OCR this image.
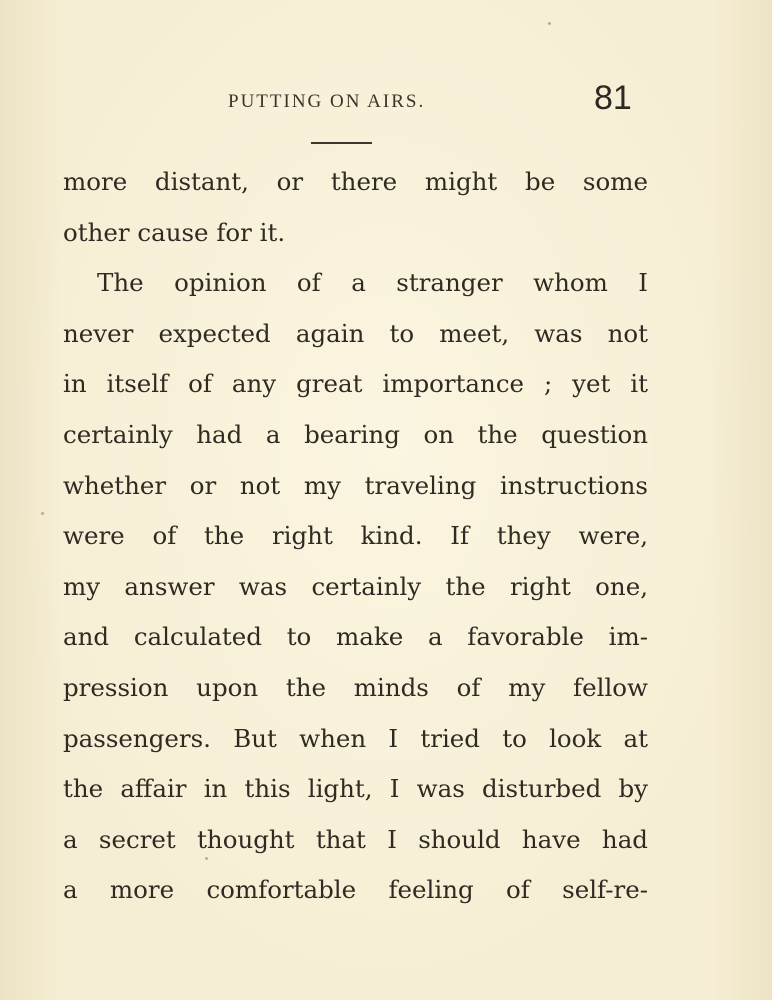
PUTTING ON AIRS.	81
more distant, or there might be some
other cause for it.
The opinion of a stranger whom I
never expected again to meet, was not
in itself of any great importance ; yet it
certainly had a bearing on the question
whether or not my traveling instructions
were of the right kind. If they were,
my answer was certainly the right one,
and calculated to make a favorable im-
pression upon the minds of my fellow
passengers. But when I tried to look at
the affair in this light, I was disturbed by
a secret thought that I should have had
a more comfortable feeling of self-re-
